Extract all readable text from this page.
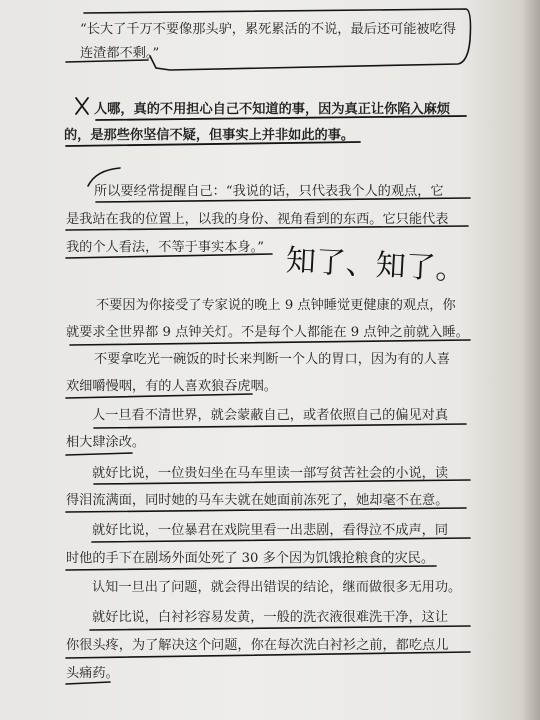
“长大了千万不要像那头驴，累死累活的不说，最后还可能被吃得
连渣都不剩。”
人哪，真的不用担心自己不知道的事，因为真正让你陷入麻烦
的，是那些你坚信不疑，但事实上并非如此的事。
所以要经常提醒自己：“我说的话，只代表我个人的观点，它
是我站在我的位置上，以我的身份、视角看到的东西。它只能代表
我的个人看法，不等于事实本身。” 知了、知了。
不要因为你接受了专家说的晚上 9 点钟睡觉更健康的观点，你
就要求全世界都 9 点钟关灯。不是每个人都能在 9 点钟之前就入睡。
不要拿吃光一碗饭的时长来判断一个人的胃口，因为有的人喜
欢细嚼慢咽，有的人喜欢狼吞虎咽。
人一旦看不清世界，就会蒙蔽自己，或者依照自己的偏见对真
相大肆涂改。
就好比说，一位贵妇坐在马车里读一部写贫苦社会的小说，读
得泪流满面，同时她的马车夫就在她面前冻死了，她却毫不在意。
就好比说，一位暴君在戏院里看一出悲剧，看得泣不成声，同
时他的手下在剧场外面处死了 30 多个因为饥饿抢粮食的灾民。
认知一旦出了问题，就会得出错误的结论，继而做很多无用功。
就好比说，白衬衫容易发黄，一般的洗衣液很难洗干净，这让
你很头疼，为了解决这个问题，你在每次洗白衬衫之前，都吃点儿
头痛药。
